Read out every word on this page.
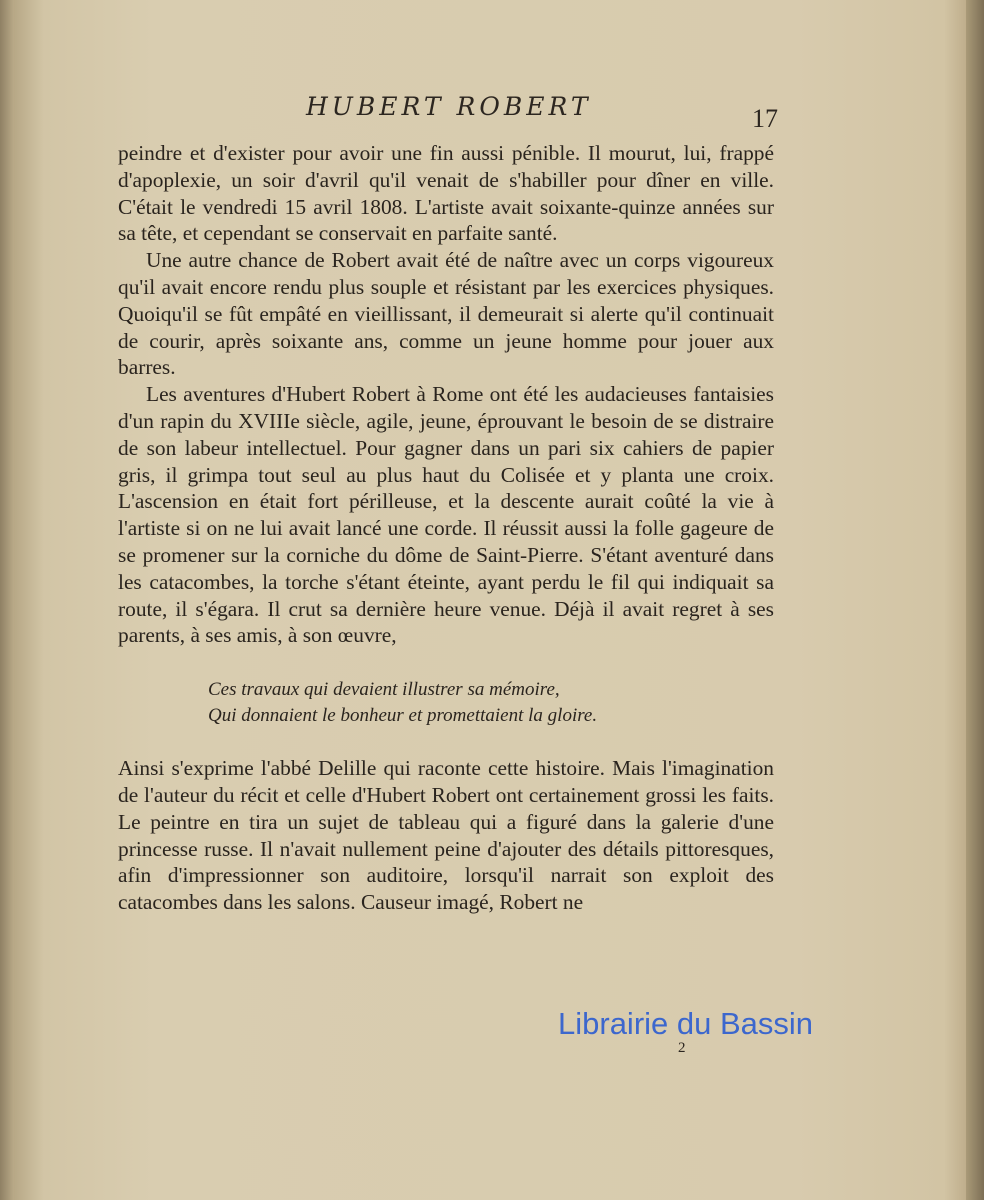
HUBERT ROBERT	17

peindre et d'exister pour avoir une fin aussi pénible. Il mourut, lui, frappé d'apoplexie, un soir d'avril qu'il venait de s'habiller pour dîner en ville. C'était le vendredi 15 avril 1808. L'artiste avait soixante-quinze années sur sa tête, et cependant se conservait en parfaite santé.

Une autre chance de Robert avait été de naître avec un corps vigoureux qu'il avait encore rendu plus souple et résistant par les exercices physiques. Quoiqu'il se fût empâté en vieillissant, il demeurait si alerte qu'il continuait de courir, après soixante ans, comme un jeune homme pour jouer aux barres.

Les aventures d'Hubert Robert à Rome ont été les audacieuses fantaisies d'un rapin du XVIIIe siècle, agile, jeune, éprouvant le besoin de se distraire de son labeur intellectuel. Pour gagner dans un pari six cahiers de papier gris, il grimpa tout seul au plus haut du Colisée et y planta une croix. L'ascension en était fort périlleuse, et la descente aurait coûté la vie à l'artiste si on ne lui avait lancé une corde. Il réussit aussi la folle gageure de se promener sur la corniche du dôme de Saint-Pierre. S'étant aventuré dans les catacombes, la torche s'étant éteinte, ayant perdu le fil qui indiquait sa route, il s'égara. Il crut sa dernière heure venue. Déjà il avait regret à ses parents, à ses amis, à son œuvre,

Ces travaux qui devaient illustrer sa mémoire,
Qui donnaient le bonheur et promettaient la gloire.

Ainsi s'exprime l'abbé Delille qui raconte cette histoire. Mais l'imagination de l'auteur du récit et celle d'Hubert Robert ont certainement grossi les faits. Le peintre en tira un sujet de tableau qui a figuré dans la galerie d'une princesse russe. Il n'avait nullement peine d'ajouter des détails pittoresques, afin d'impressionner son auditoire, lorsqu'il narrait son exploit des catacombes dans les salons. Causeur imagé, Robert ne

2
Librairie du Bassin
